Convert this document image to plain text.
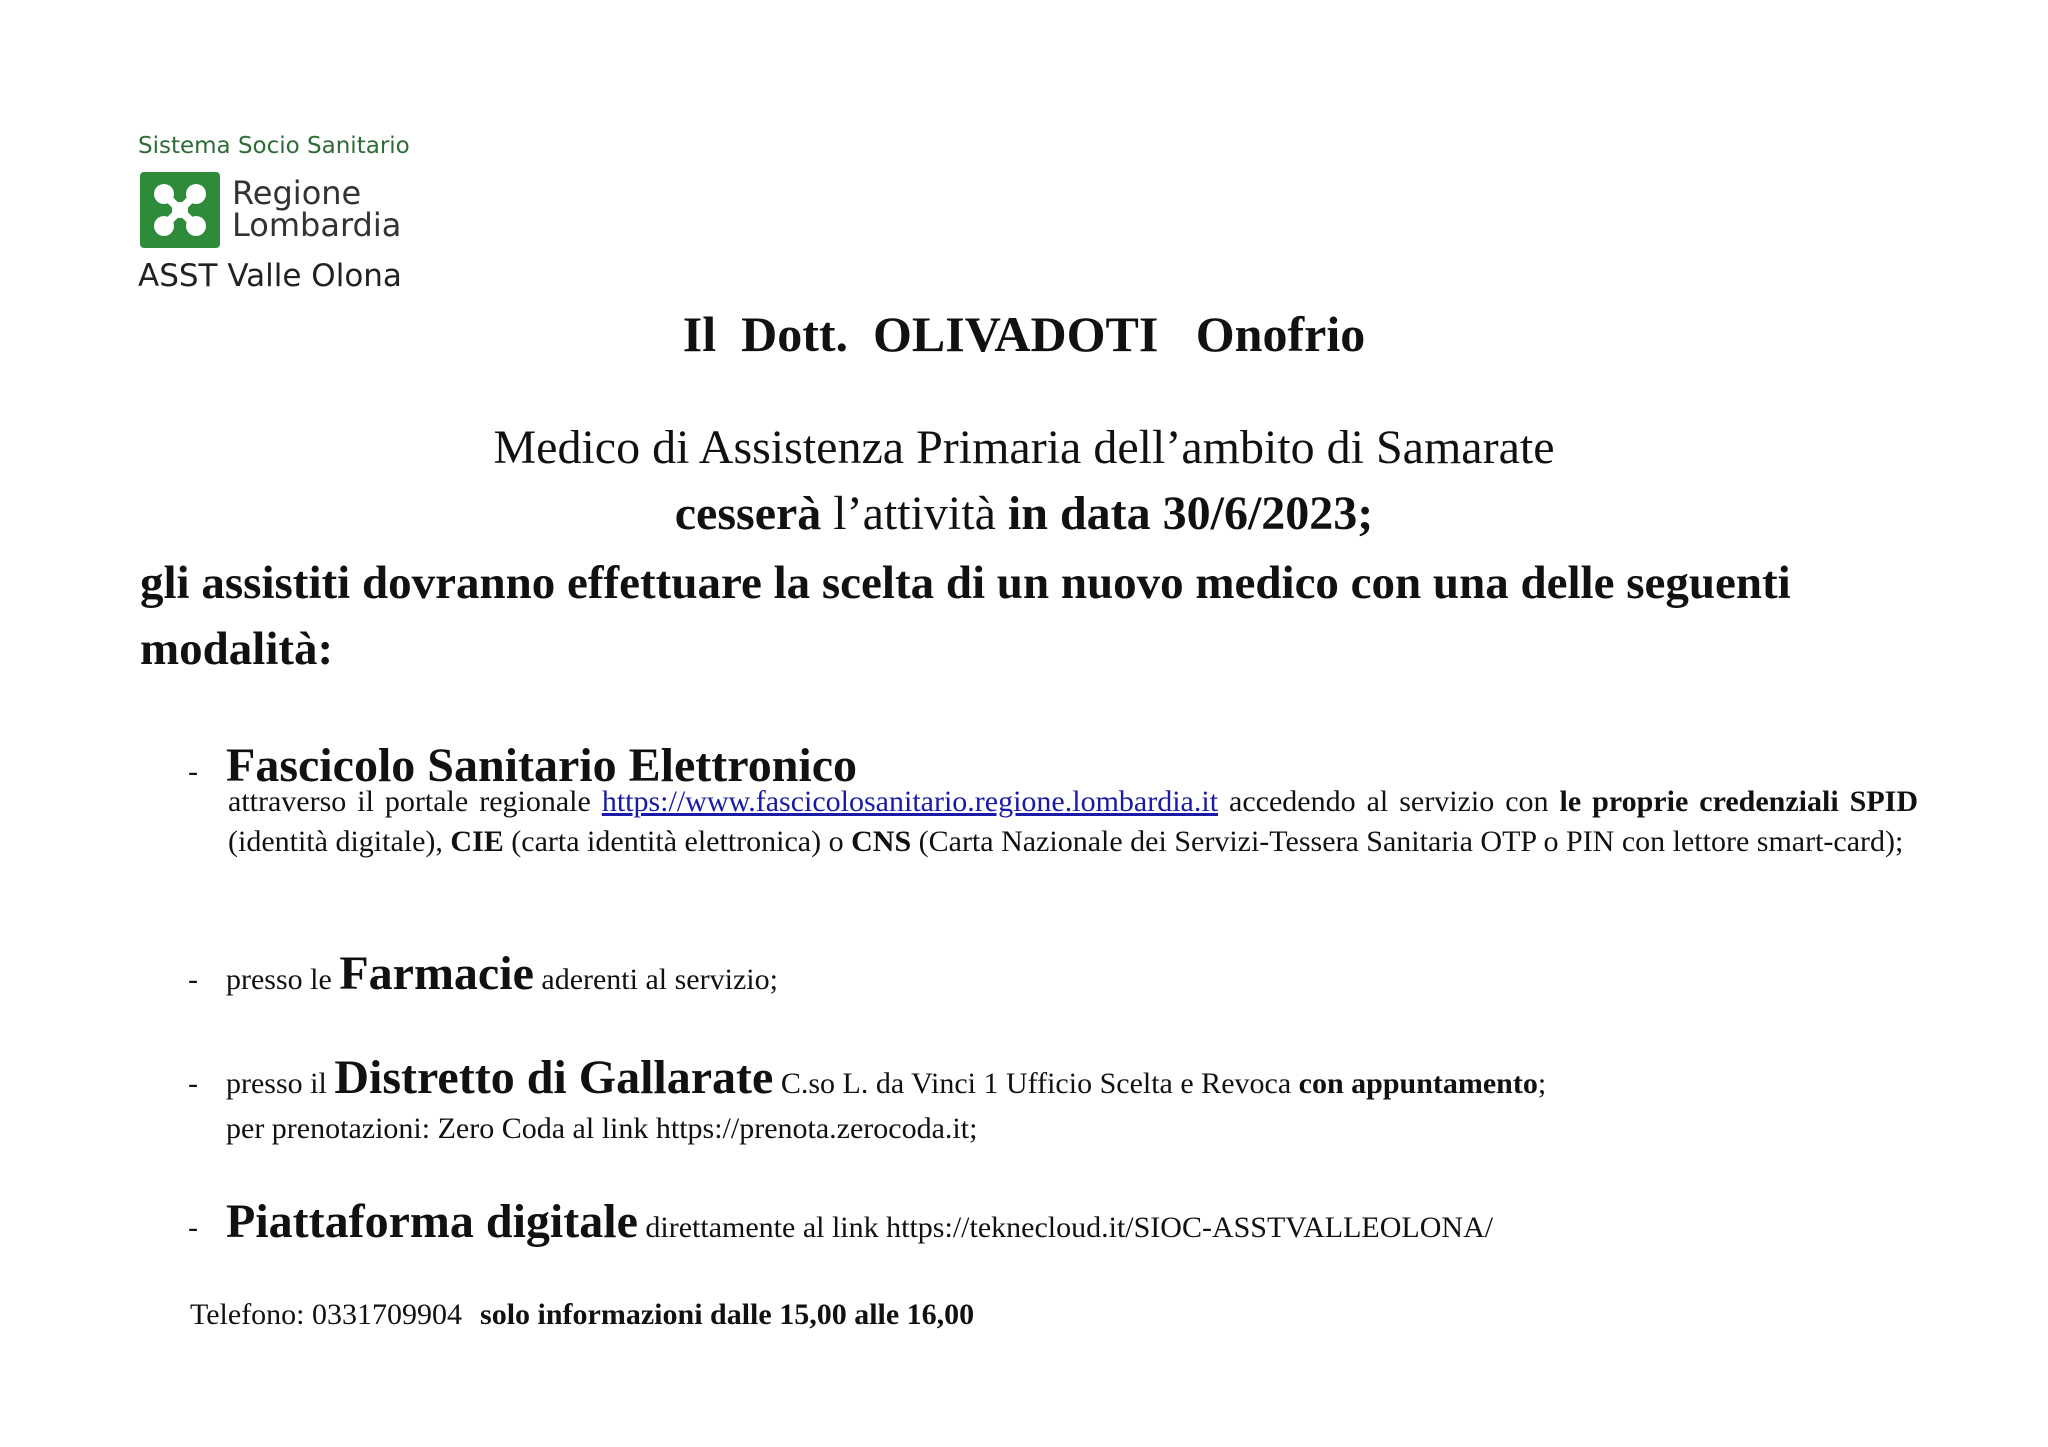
Sistema Socio Sanitario
Regione
Lombardia
ASST Valle Olona
Il  Dott.  OLIVADOTI   Onofrio
Medico di Assistenza Primaria dell’ambito di Samarate
cesserà l’attività in data 30/6/2023;
gli assistiti dovranno effettuare la scelta di un nuovo medico con una delle seguenti modalità:
- Fascicolo Sanitario Elettronico
attraverso il portale regionale https://www.fascicolosanitario.regione.lombardia.it accedendo al servizio con le proprie credenziali SPID (identità digitale), CIE (carta identità elettronica) o CNS (Carta Nazionale dei Servizi-Tessera Sanitaria OTP o PIN con lettore smart-card);
- presso le Farmacie aderenti al servizio;
- presso il Distretto di Gallarate C.so L. da Vinci 1 Ufficio Scelta e Revoca con appuntamento;
per prenotazioni: Zero Coda al link https://prenota.zerocoda.it;
- Piattaforma digitale direttamente al link https://teknecloud.it/SIOC-ASSTVALLEOLONA/
Telefono: 0331709904 solo informazioni dalle 15,00 alle 16,00
